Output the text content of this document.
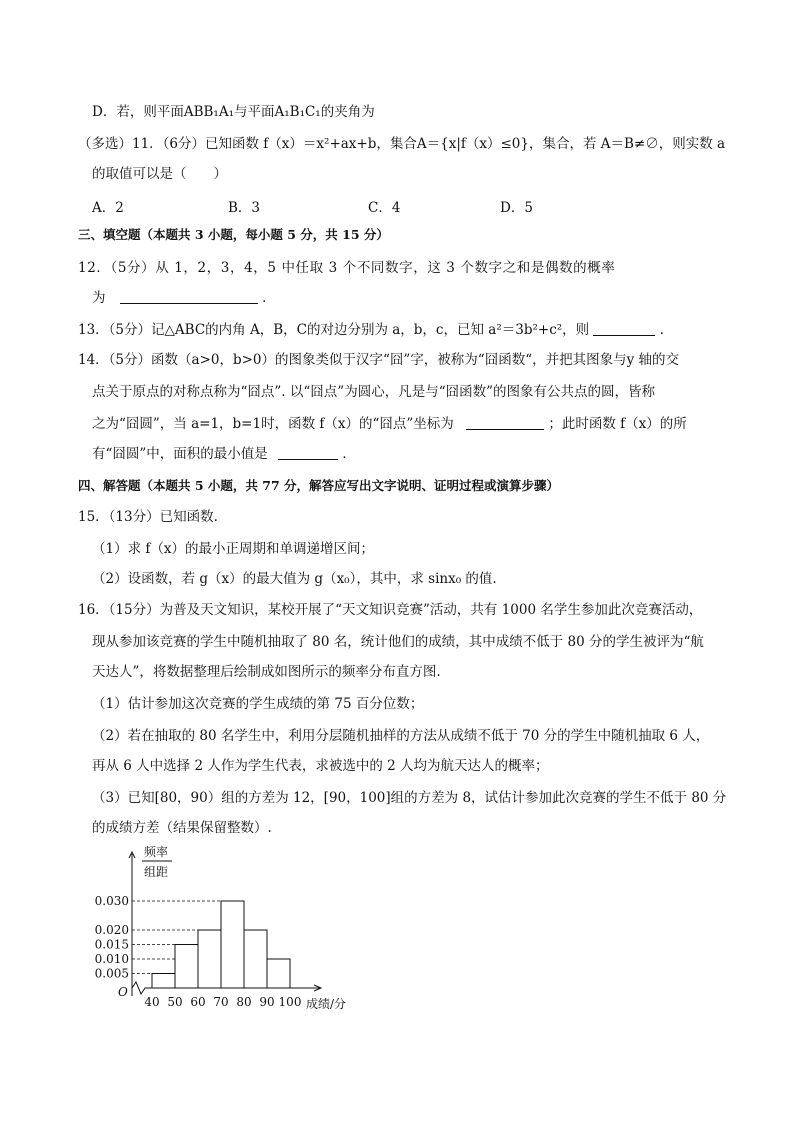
D．若，则平面ABB₁A₁与平面A₁B₁C₁的夹角为
（多选）11．（6分）已知函数 f（x）＝x²+ax+b，集合A＝{x|f（x）≤0}，集合，若 A＝B≠∅，则实数 a
的取值可以是（　　）
A．2	B．3	C．4	D．5
三、填空题（本题共 3 小题，每小题 5 分，共 15 分）
12．（5分）从 1，2，3，4，5 中任取 3 个不同数字，这 3 个数字之和是偶数的概率
为	．
13．（5分）记△ABC的内角 A，B，C的对边分别为 a，b，c，已知 a²＝3b²+c²，则	．
14．（5分）函数（a>0，b>0）的图象类似于汉字“囧”字，被称为“囧函数“，并把其图象与y 轴的交
点关于原点的对称点称为“囧点”. 以“囧点”为圆心，凡是与“囧函数”的图象有公共点的圆，皆称
之为“囧圆”，当 a=1，b=1时，函数 f（x）的“囧点”坐标为	；此时函数 f（x）的所
有“囧圆”中，面积的最小值是	．
四、解答题（本题共 5 小题，共 77 分，解答应写出文字说明、证明过程或演算步骤）
15．（13分）已知函数.
（1）求 f（x）的最小正周期和单调递增区间；
（2）设函数，若 g（x）的最大值为 g（x₀），其中，求 sinx₀ 的值.
16．（15分）为普及天文知识，某校开展了“天文知识竞赛”活动，共有 1000 名学生参加此次竞赛活动，
现从参加该竞赛的学生中随机抽取了 80 名，统计他们的成绩，其中成绩不低于 80 分的学生被评为“航
天达人”，将数据整理后绘制成如图所示的频率分布直方图.
（1）估计参加这次竞赛的学生成绩的第 75 百分位数；
（2）若在抽取的 80 名学生中，利用分层随机抽样的方法从成绩不低于 70 分的学生中随机抽取 6 人，
再从 6 人中选择 2 人作为学生代表，求被选中的 2 人均为航天达人的概率；
（3）已知[80，90）组的方差为 12，[90，100]组的方差为 8，试估计参加此次竞赛的学生不低于 80 分
的成绩方差（结果保留整数）.
频率
组距
0.005
0.010
0.015
0.020
0.030
O
40 50 60 70 80 90 100 成绩/分
